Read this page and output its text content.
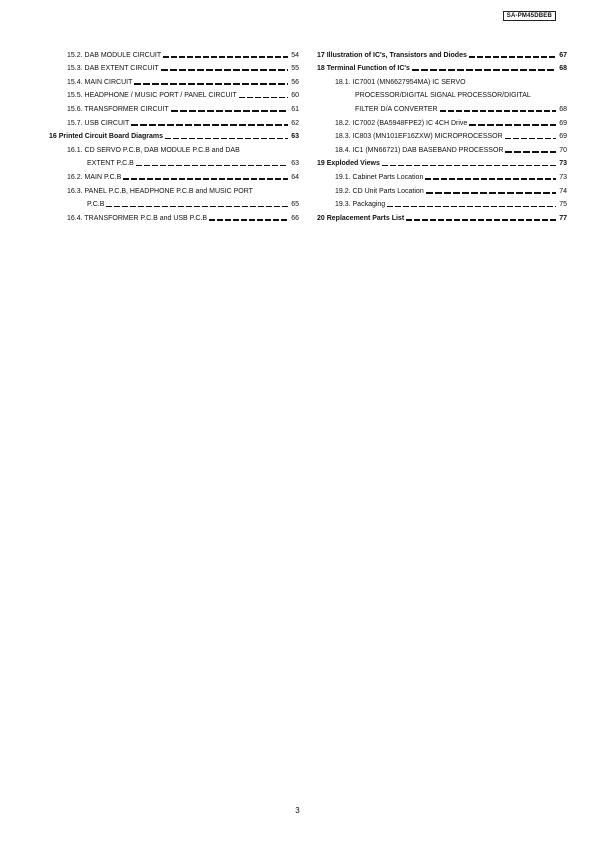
SA-PM45DBEB
15.2. DAB MODULE CIRCUIT	54
15.3. DAB EXTENT CIRCUIT	55
15.4. MAIN CIRCUIT	56
15.5. HEADPHONE / MUSIC PORT / PANEL CIRCUIT	60
15.6. TRANSFORMER CIRCUIT	61
15.7. USB CIRCUIT	62
16 Printed Circuit Board Diagrams	63
16.1. CD SERVO P.C.B, DAB MODULE P.C.B and DAB
EXTENT P.C.B	63
16.2. MAIN P.C.B	64
16.3. PANEL P.C.B, HEADPHONE P.C.B and MUSIC PORT
P.C.B	65
16.4. TRANSFORMER P.C.B and USB P.C.B	66
17 Illustration of IC's, Transistors and Diodes	67
18 Terminal Function of IC's	68
18.1. IC7001 (MN6627954MA) IC SERVO
PROCESSOR/DIGITAL SIGNAL PROCESSOR/DIGITAL
FILTER D/A CONVERTER	68
18.2. IC7002 (BA5948FPE2) IC 4CH Drive	69
18.3. IC803 (MN101EF16ZXW) MICROPROCESSOR	69
18.4. IC1 (MN66721) DAB BASEBAND PROCESSOR	70
19 Exploded Views	73
19.1. Cabinet Parts Location	73
19.2. CD Unit Parts Location	74
19.3. Packaging	75
20 Replacement Parts List	77
3
